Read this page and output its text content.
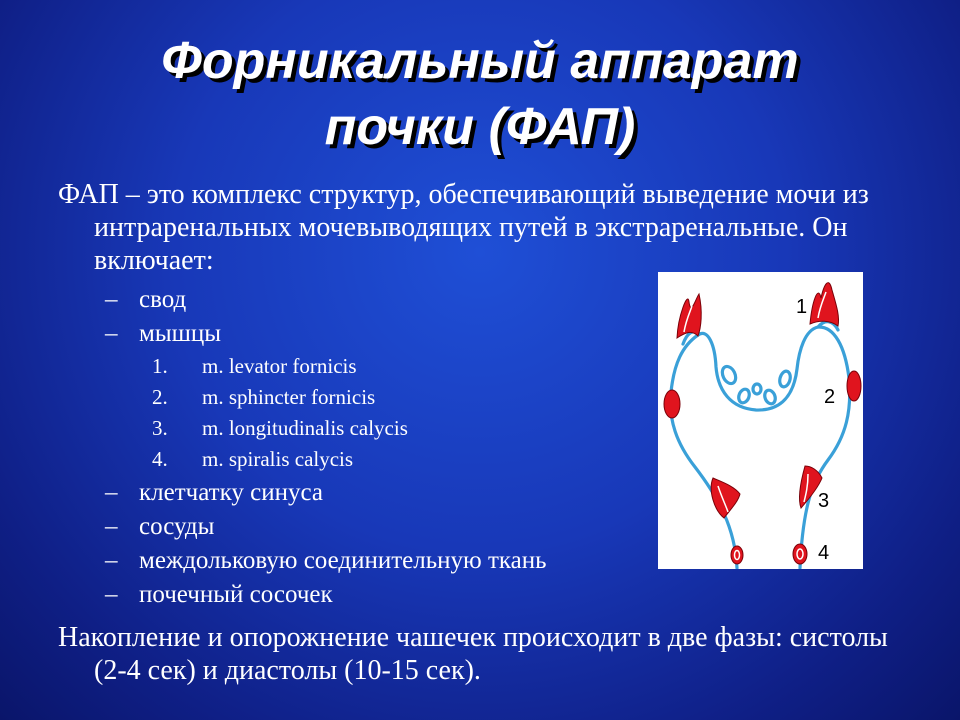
Форникальный аппарат
почки (ФАП)
ФАП – это комплекс структур, обеспечивающий выведение мочи из интраренальных мочевыводящих путей в экстраренальные. Он включает:
– свод
– мышцы
1. m. levator fornicis
2. m. sphincter fornicis
3. m. longitudinalis calycis
4. m. spiralis calycis
– клетчатку синуса
– сосуды
– междольковую соединительную ткань
– почечный сосочек
Накопление и опорожнение чашечек происходит в две фазы: систолы (2-4 сек) и диастолы (10-15 сек).
1
2
3
4
